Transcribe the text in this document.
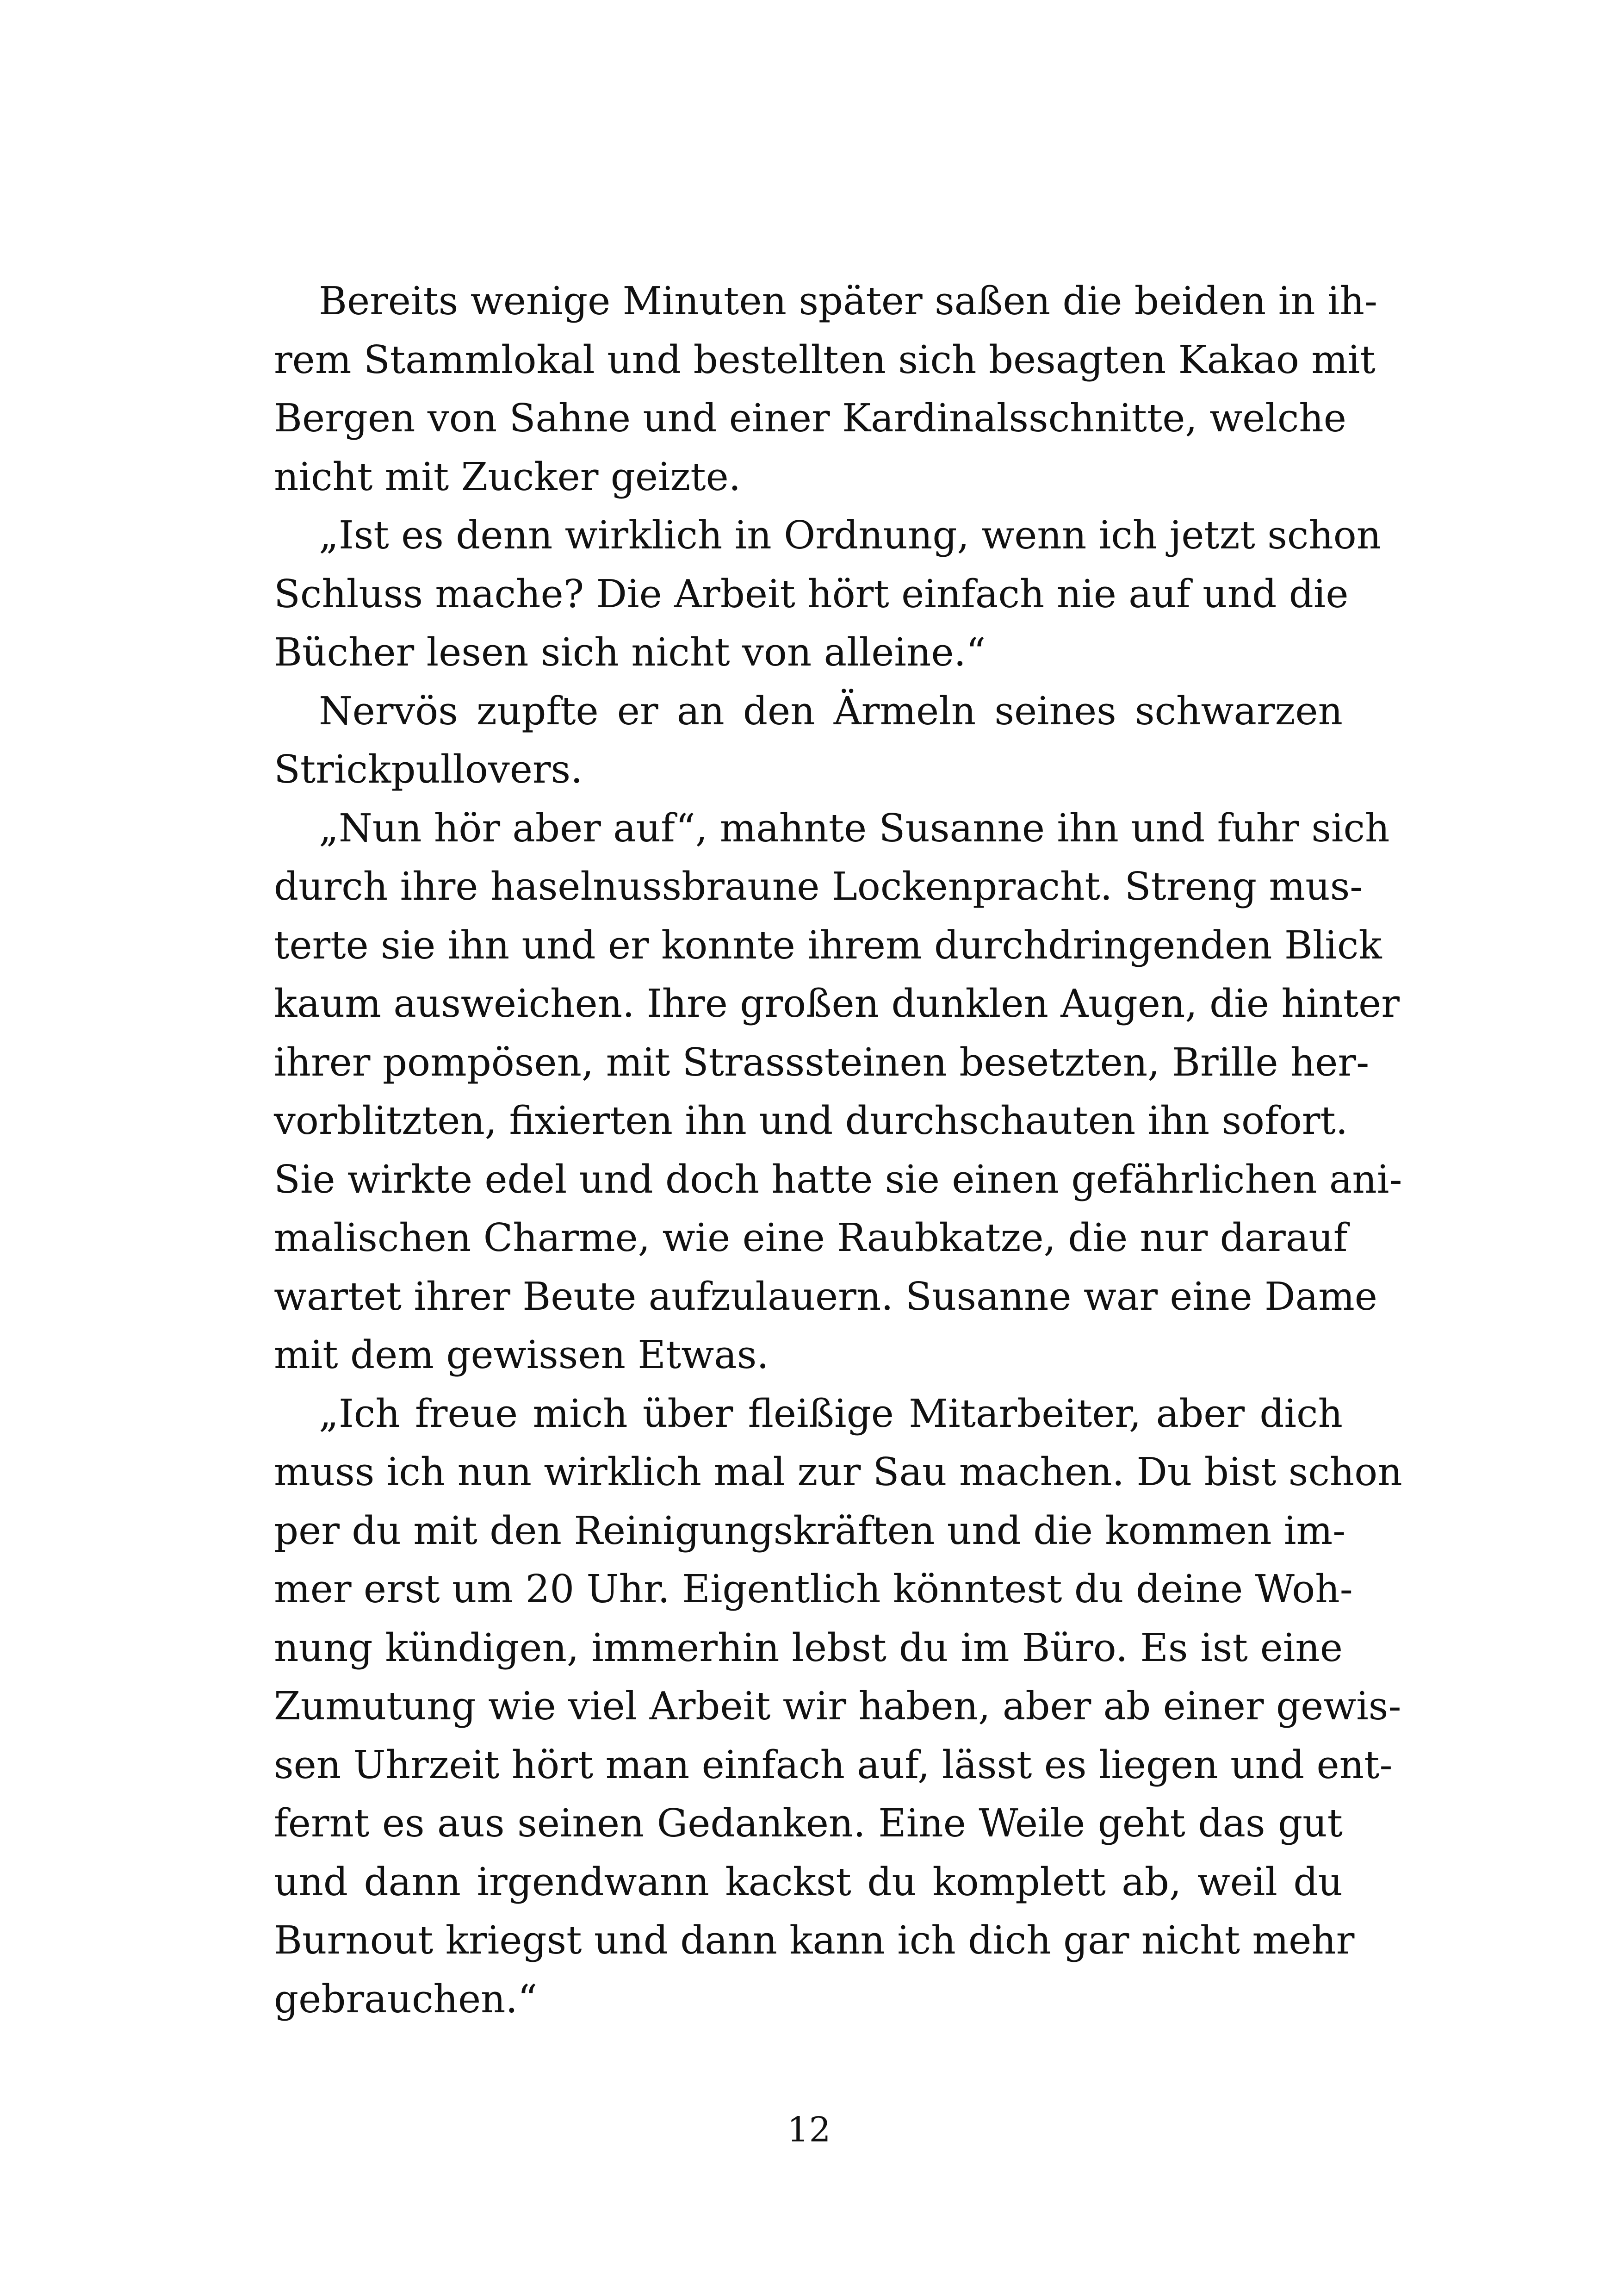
Bereits wenige Minuten später saßen die beiden in ih-
rem Stammlokal und bestellten sich besagten Kakao mit
Bergen von Sahne und einer Kardinalsschnitte, welche
nicht mit Zucker geizte.
„Ist es denn wirklich in Ordnung, wenn ich jetzt schon
Schluss mache? Die Arbeit hört einfach nie auf und die
Bücher lesen sich nicht von alleine.“
Nervös zupfte er an den Ärmeln seines schwarzen
Strickpullovers.
„Nun hör aber auf“, mahnte Susanne ihn und fuhr sich
durch ihre haselnussbraune Lockenpracht. Streng mus-
terte sie ihn und er konnte ihrem durchdringenden Blick
kaum ausweichen. Ihre großen dunklen Augen, die hinter
ihrer pompösen, mit Strasssteinen besetzten, Brille her-
vorblitzten, fixierten ihn und durchschauten ihn sofort.
Sie wirkte edel und doch hatte sie einen gefährlichen ani-
malischen Charme, wie eine Raubkatze, die nur darauf
wartet ihrer Beute aufzulauern. Susanne war eine Dame
mit dem gewissen Etwas.
„Ich freue mich über fleißige Mitarbeiter, aber dich
muss ich nun wirklich mal zur Sau machen. Du bist schon
per du mit den Reinigungskräften und die kommen im-
mer erst um 20 Uhr. Eigentlich könntest du deine Woh-
nung kündigen, immerhin lebst du im Büro. Es ist eine
Zumutung wie viel Arbeit wir haben, aber ab einer gewis-
sen Uhrzeit hört man einfach auf, lässt es liegen und ent-
fernt es aus seinen Gedanken. Eine Weile geht das gut
und dann irgendwann kackst du komplett ab, weil du
Burnout kriegst und dann kann ich dich gar nicht mehr
gebrauchen.“
12
